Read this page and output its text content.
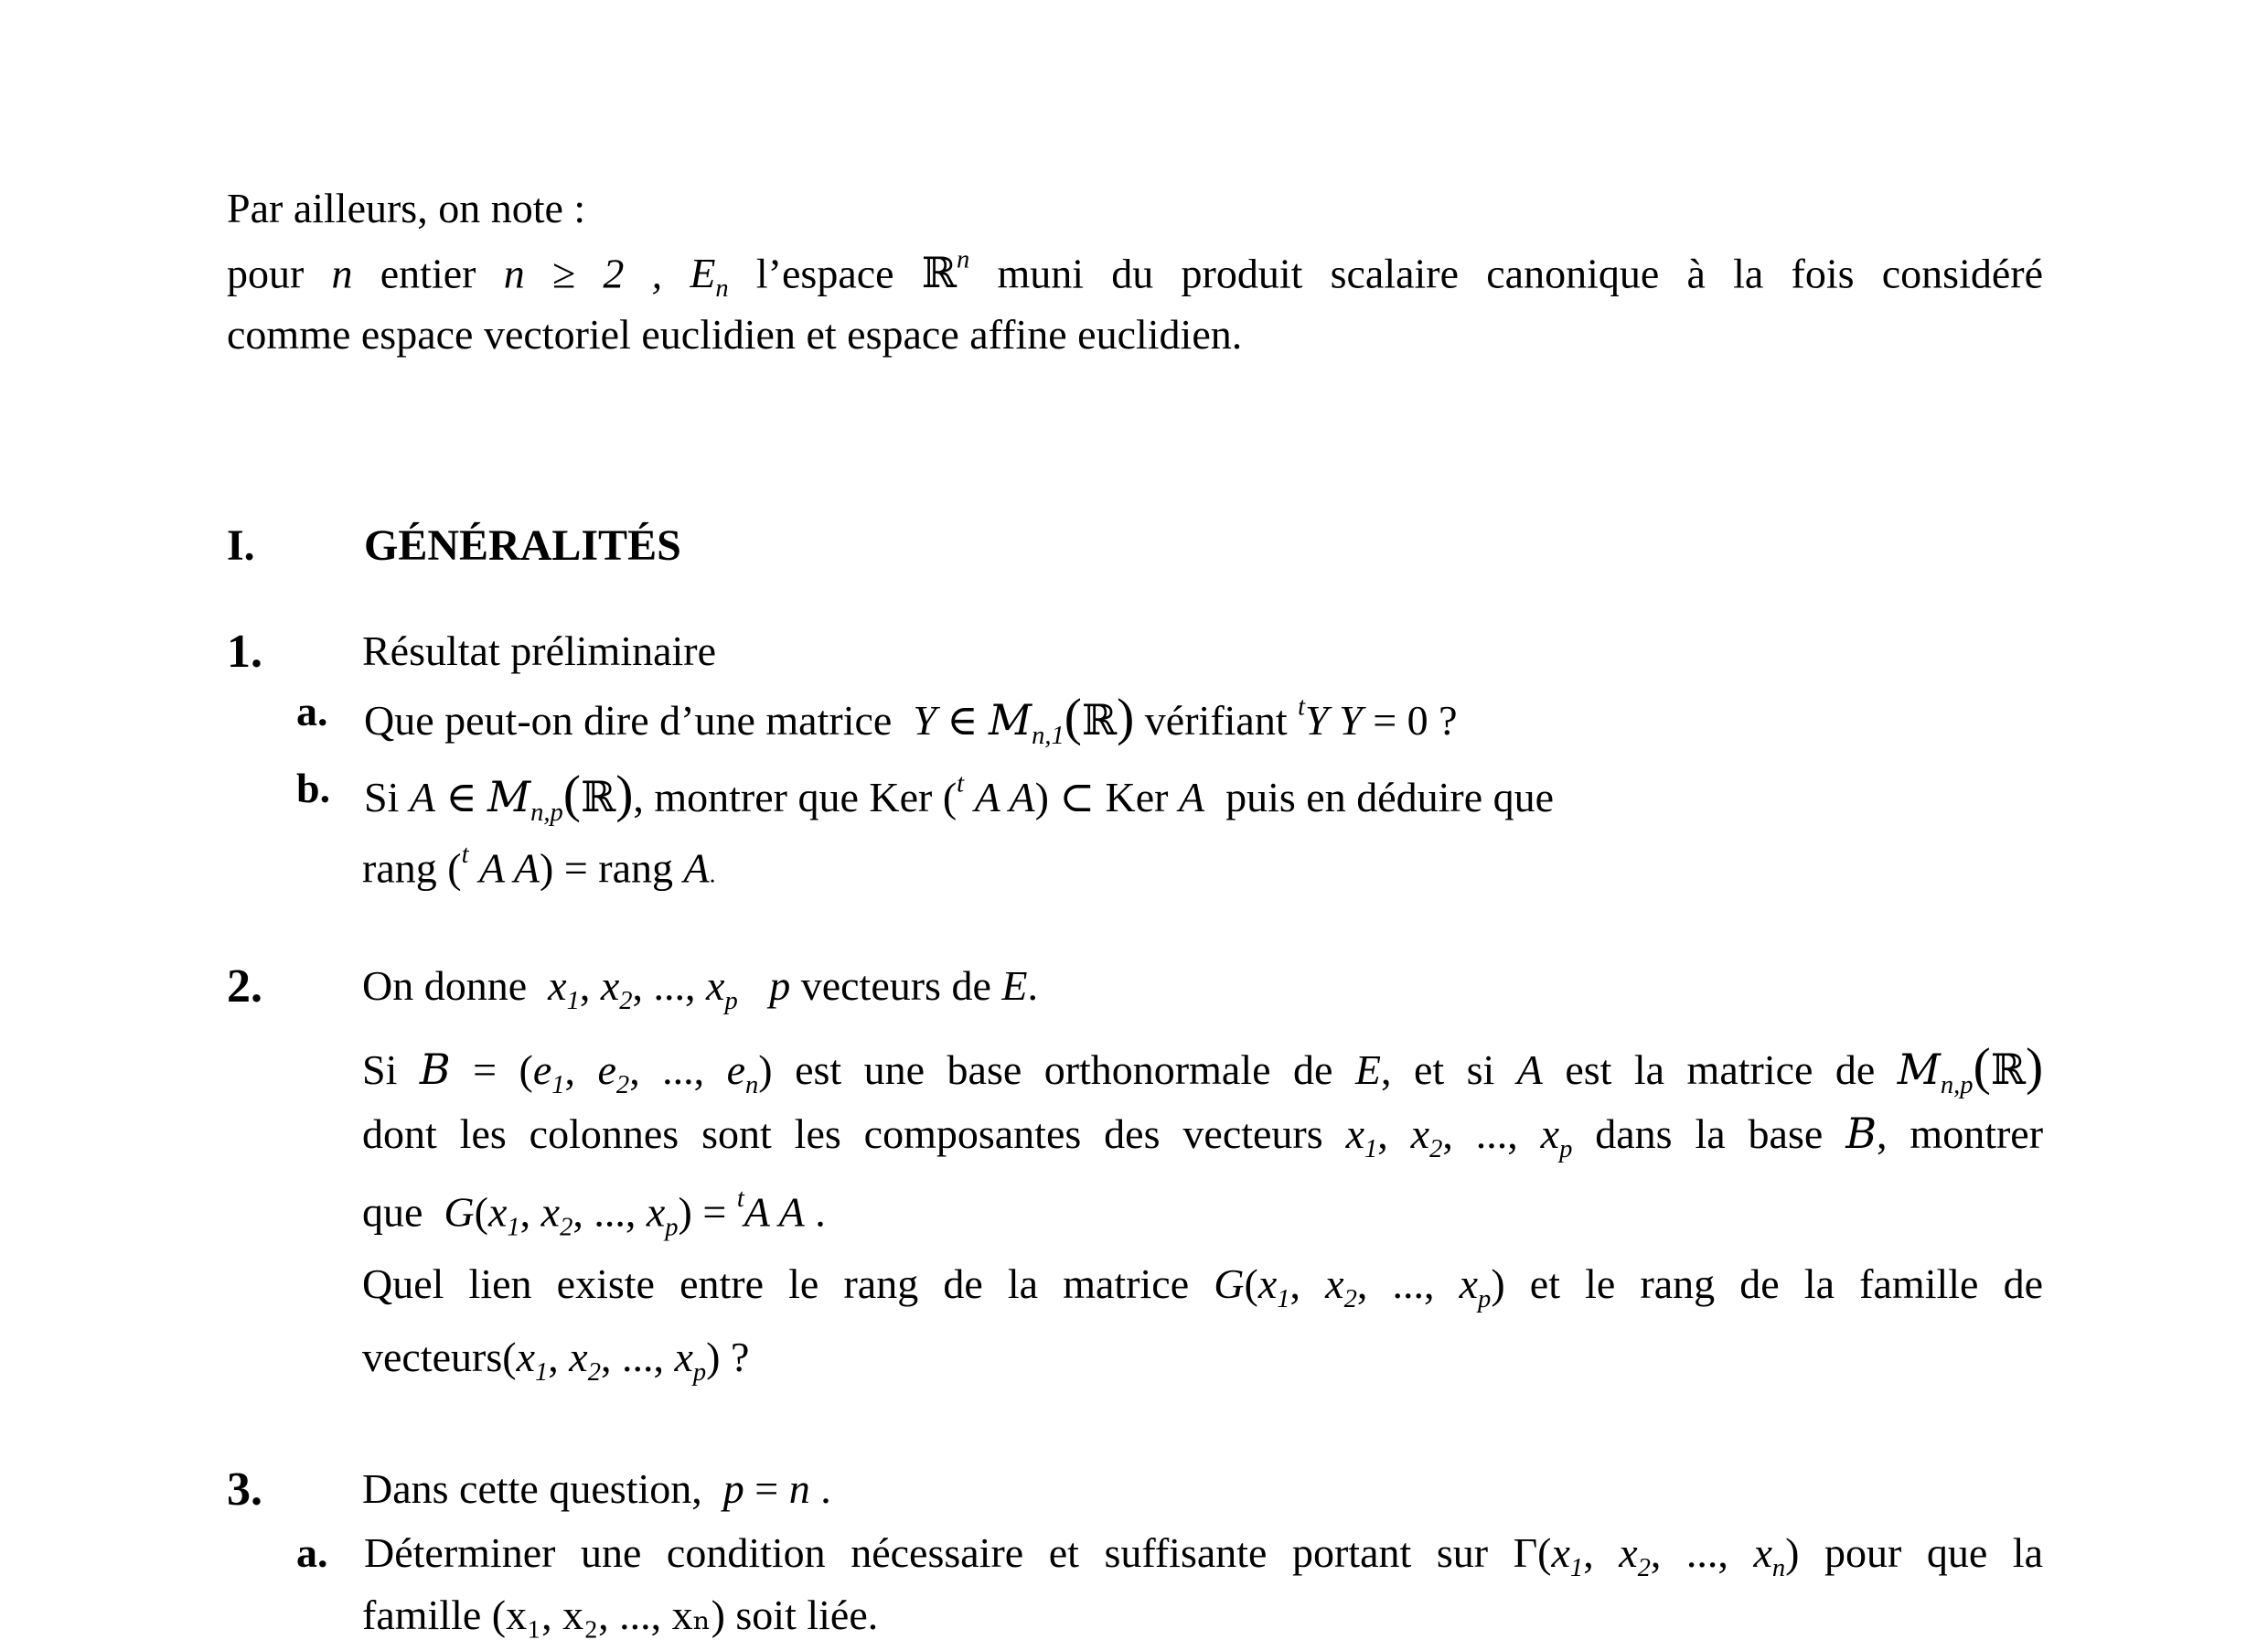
Par ailleurs, on note :
pour n entier n ≥ 2 , $E_n$ l’espace ℝ$^n$ muni du produit scalaire canonique à la fois considéré
comme espace vectoriel euclidien et espace affine euclidien.
I. GÉNÉRALITÉS
1. Résultat préliminaire
a. Que peut-on dire d’une matrice  Y ∈ $M_{n,1}(ℝ)$ vérifiant $^t$Y Y = 0 ?
b. Si A ∈ $M_{n,p}(ℝ)$, montrer que Ker ($^t$ A A) ⊂ Ker A puis en déduire que
rang ($^t$ A A) = rang A.
2. On donne  $x_1$, $x_2$, ..., $x_p$ p vecteurs de E.
Si $B = (e_1$, $e_2$, ..., $e_n$) est une base orthonormale de E, et si A est la matrice de $M_{n,p}(ℝ)$
dont les colonnes sont les composantes des vecteurs $x_1$, $x_2$, ..., $x_p$ dans la base B, montrer
que  $G(x_1$, $x_2$, ..., $x_p) = ^tA$ A .
Quel lien existe entre le rang de la matrice $G(x_1$, $x_2$, ..., $x_p$) et le rang de la famille de
$vecteurs(x_1$, $x_2$, ..., $x_p$) ?
3. Dans cette question,  p = n .
a. Déterminer une condition nécessaire et suffisante portant sur $\Gamma(x_1$, $x_2$, ..., $x_n$) pour que la
famille (x₁, x₂, ..., xₙ) soit liée.
